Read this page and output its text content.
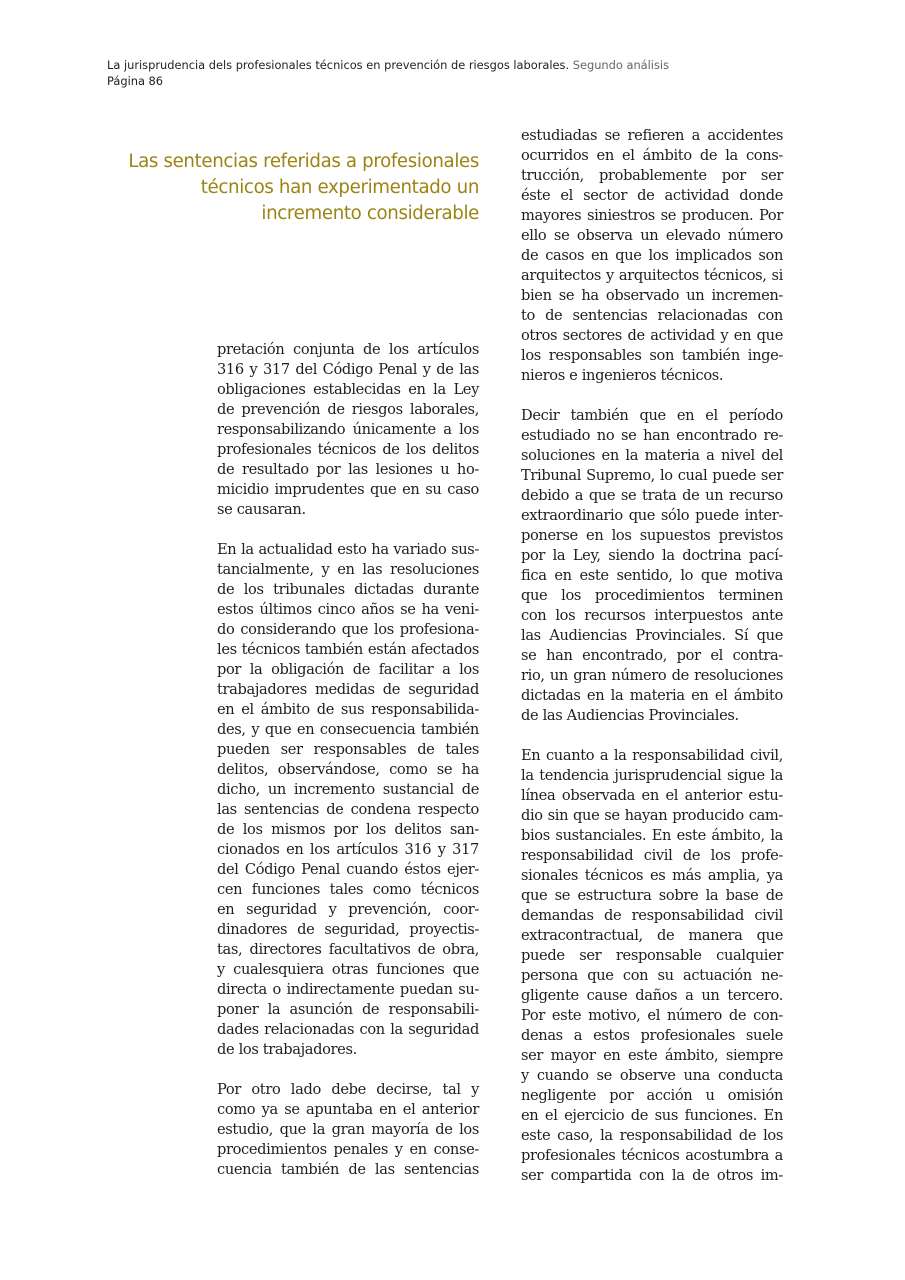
La jurisprudencia dels profesionales técnicos en prevención de riesgos laborales. Segundo análisis
Página 86
Las sentencias referidas a profesionales
técnicos han experimentado un
incremento considerable
pretación conjunta de los artículos
316 y 317 del Código Penal y de las
obligaciones establecidas en la Ley
de prevención de riesgos laborales,
responsabilizando únicamente a los
profesionales técnicos de los delitos
de resultado por las lesiones u ho-
micidio imprudentes que en su caso
se causaran.
En la actualidad esto ha variado sus-
tancialmente, y en las resoluciones
de los tribunales dictadas durante
estos últimos cinco años se ha veni-
do considerando que los profesiona-
les técnicos también están afectados
por la obligación de facilitar a los
trabajadores medidas de seguridad
en el ámbito de sus responsabilida-
des, y que en consecuencia también
pueden ser responsables de tales
delitos, observándose, como se ha
dicho, un incremento sustancial de
las sentencias de condena respecto
de los mismos por los delitos san-
cionados en los artículos 316 y 317
del Código Penal cuando éstos ejer-
cen funciones tales como técnicos
en seguridad y prevención, coor-
dinadores de seguridad, proyectis-
tas, directores facultativos de obra,
y cualesquiera otras funciones que
directa o indirectamente puedan su-
poner la asunción de responsabili-
dades relacionadas con la seguridad
de los trabajadores.
Por otro lado debe decirse, tal y
como ya se apuntaba en el anterior
estudio, que la gran mayoría de los
procedimientos penales y en conse-
cuencia también de las sentencias
estudiadas se refieren a accidentes
ocurridos en el ámbito de la cons-
trucción, probablemente por ser
éste el sector de actividad donde
mayores siniestros se producen. Por
ello se observa un elevado número
de casos en que los implicados son
arquitectos y arquitectos técnicos, si
bien se ha observado un incremen-
to de sentencias relacionadas con
otros sectores de actividad y en que
los responsables son también inge-
nieros e ingenieros técnicos.
Decir también que en el período
estudiado no se han encontrado re-
soluciones en la materia a nivel del
Tribunal Supremo, lo cual puede ser
debido a que se trata de un recurso
extraordinario que sólo puede inter-
ponerse en los supuestos previstos
por la Ley, siendo la doctrina pací-
fica en este sentido, lo que motiva
que los procedimientos terminen
con los recursos interpuestos ante
las Audiencias Provinciales. Sí que
se han encontrado, por el contra-
rio, un gran número de resoluciones
dictadas en la materia en el ámbito
de las Audiencias Provinciales.
En cuanto a la responsabilidad civil,
la tendencia jurisprudencial sigue la
línea observada en el anterior estu-
dio sin que se hayan producido cam-
bios sustanciales. En este ámbito, la
responsabilidad civil de los profe-
sionales técnicos es más amplia, ya
que se estructura sobre la base de
demandas de responsabilidad civil
extracontractual, de manera que
puede ser responsable cualquier
persona que con su actuación ne-
gligente cause daños a un tercero.
Por este motivo, el número de con-
denas a estos profesionales suele
ser mayor en este ámbito, siempre
y cuando se observe una conducta
negligente por acción u omisión
en el ejercicio de sus funciones. En
este caso, la responsabilidad de los
profesionales técnicos acostumbra a
ser compartida con la de otros im-
